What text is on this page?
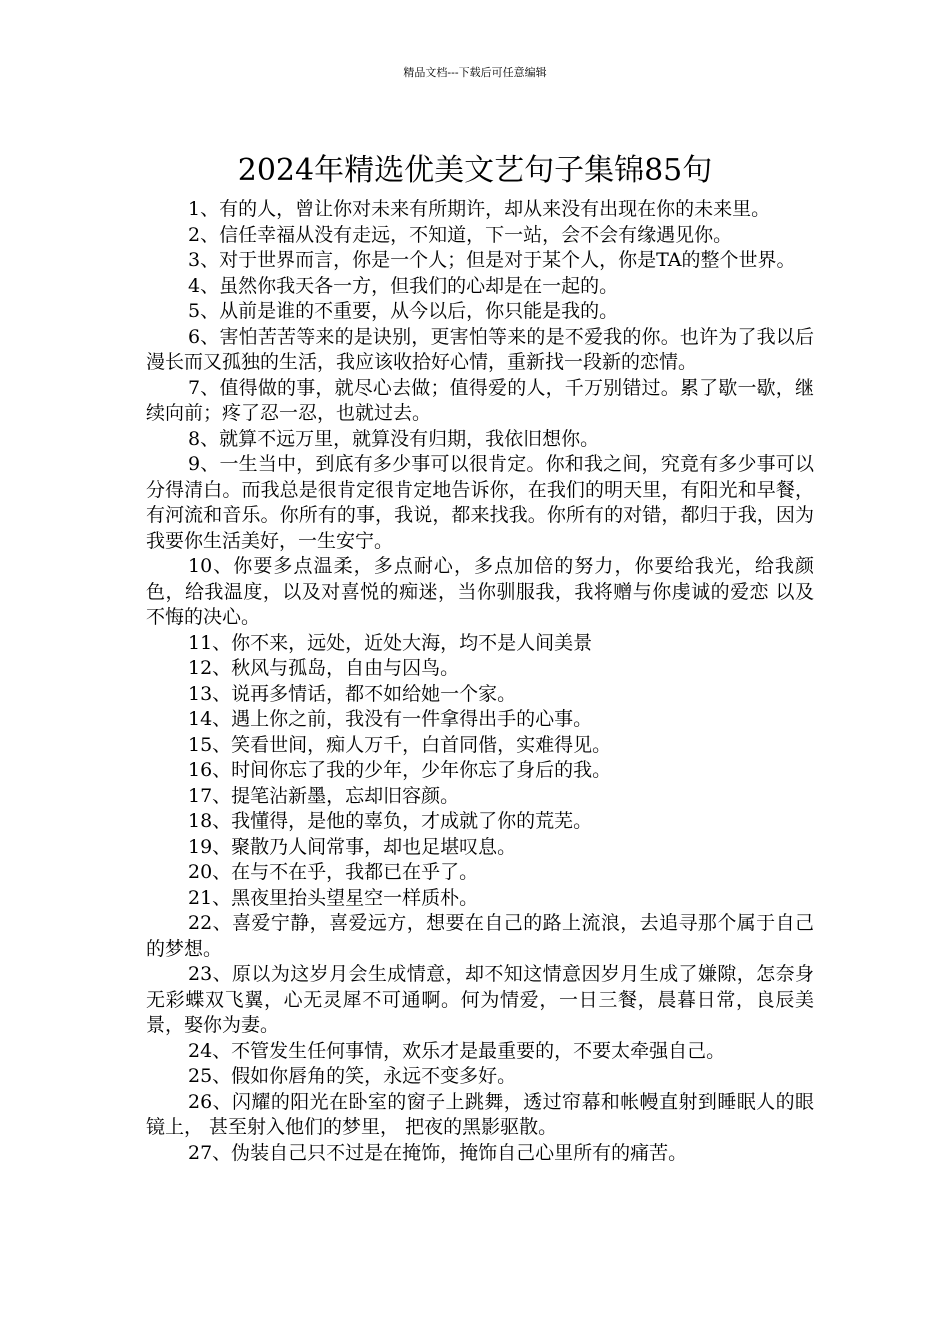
精品文档---下载后可任意编辑
2024年精选优美文艺句子集锦85句

1、有的人，曾让你对未来有所期许，却从来没有出现在你的未来里。

2、信任幸福从没有走远，不知道，下一站，会不会有缘遇见你。

3、对于世界而言，你是一个人；但是对于某个人，你是TA的整个世界。

4、虽然你我天各一方，但我们的心却是在一起的。

5、从前是谁的不重要，从今以后，你只能是我的。

6、害怕苦苦等来的是诀别，更害怕等来的是不爱我的你。也许为了我以后漫长而又孤独的生活，我应该收拾好心情，重新找一段新的恋情。

7、值得做的事，就尽心去做；值得爱的人，千万别错过。累了歇一歇，继续向前；疼了忍一忍，也就过去。

8、就算不远万里，就算没有归期，我依旧想你。

9、一生当中，到底有多少事可以很肯定。你和我之间，究竟有多少事可以分得清白。而我总是很肯定很肯定地告诉你，在我们的明天里，有阳光和早餐，有河流和音乐。你所有的事，我说，都来找我。你所有的对错，都归于我，因为我要你生活美好，一生安宁。

10、你要多点温柔，多点耐心，多点加倍的努力，你要给我光，给我颜色，给我温度，以及对喜悦的痴迷，当你驯服我，我将赠与你虔诚的爱恋 以及不悔的决心。

11、你不来，远处，近处大海，均不是人间美景

12、秋风与孤岛，自由与囚鸟。

13、说再多情话，都不如给她一个家。

14、遇上你之前，我没有一件拿得出手的心事。

15、笑看世间，痴人万千，白首同偕，实难得见。

16、时间你忘了我的少年，少年你忘了身后的我。

17、提笔沾新墨，忘却旧容颜。

18、我懂得，是他的辜负，才成就了你的荒芜。

19、聚散乃人间常事，却也足堪叹息。

20、在与不在乎，我都已在乎了。

21、黑夜里抬头望星空一样质朴。

22、喜爱宁静，喜爱远方，想要在自己的路上流浪，去追寻那个属于自己的梦想。

23、原以为这岁月会生成情意，却不知这情意因岁月生成了嫌隙，怎奈身无彩蝶双飞翼，心无灵犀不可通啊。何为情爱，一日三餐，晨暮日常，良辰美景，娶你为妻。

24、不管发生任何事情，欢乐才是最重要的，不要太牵强自己。

25、假如你唇角的笑，永远不变多好。

26、闪耀的阳光在卧室的窗子上跳舞，透过帘幕和帐幔直射到睡眠人的眼镜上， 甚至射入他们的梦里， 把夜的黑影驱散。

27、伪装自己只不过是在掩饰，掩饰自己心里所有的痛苦。
